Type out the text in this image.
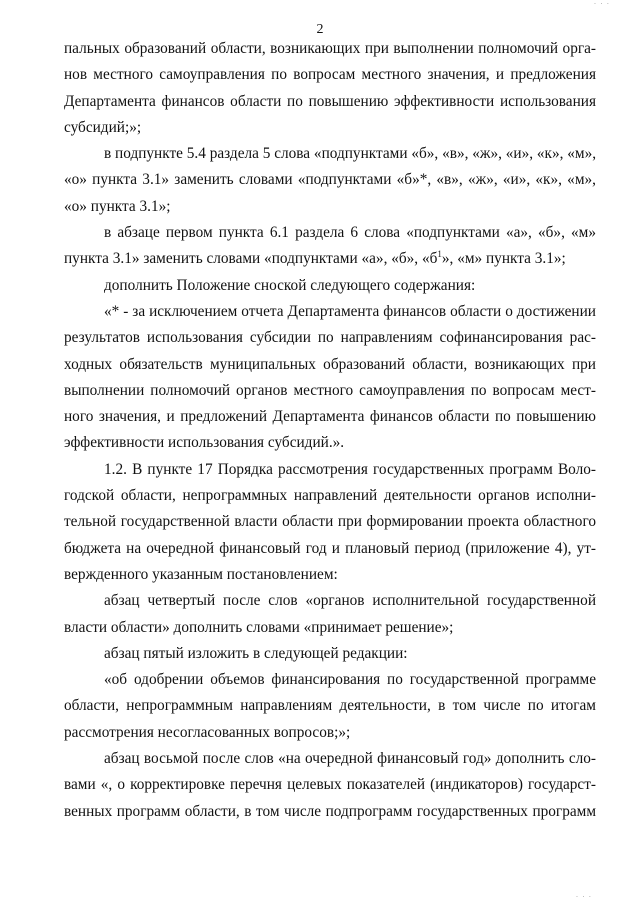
· · ·
2
пальных образований области, возникающих при выполнении полномочий орга-
нов местного самоуправления по вопросам местного значения, и предложения
Департамента финансов области по повышению эффективности использования
субсидий;»;
в подпункте 5.4 раздела 5 слова «подпунктами «б», «в», «ж», «и», «к», «м»,
«о» пункта 3.1» заменить словами «подпунктами «б»*, «в», «ж», «и», «к», «м»,
«о» пункта 3.1»;
в абзаце первом пункта 6.1 раздела 6 слова «подпунктами «а», «б», «м»
пункта 3.1» заменить словами «подпунктами «а», «б», «$б^1$», «м» пункта 3.1»;
дополнить Положение сноской следующего содержания:
«* - за исключением отчета Департамента финансов области о достижении
результатов использования субсидии по направлениям софинансирования рас-
ходных обязательств муниципальных образований области, возникающих при
выполнении полномочий органов местного самоуправления по вопросам мест-
ного значения, и предложений Департамента финансов области по повышению
эффективности использования субсидий.».
1.2. В пункте 17 Порядка рассмотрения государственных программ Воло-
годской области, непрограммных направлений деятельности органов исполни-
тельной государственной власти области при формировании проекта областного
бюджета на очередной финансовый год и плановый период (приложение 4), ут-
вержденного указанным постановлением:
абзац четвертый после слов «органов исполнительной государственной
власти области» дополнить словами «принимает решение»;
абзац пятый изложить в следующей редакции:
«об одобрении объемов финансирования по государственной программе
области, непрограммным направлениям деятельности, в том числе по итогам
рассмотрения несогласованных вопросов;»;
абзац восьмой после слов «на очередной финансовый год» дополнить сло-
вами «, о корректировке перечня целевых показателей (индикаторов) государст-
венных программ области, в том числе подпрограмм государственных программ
· · ·
